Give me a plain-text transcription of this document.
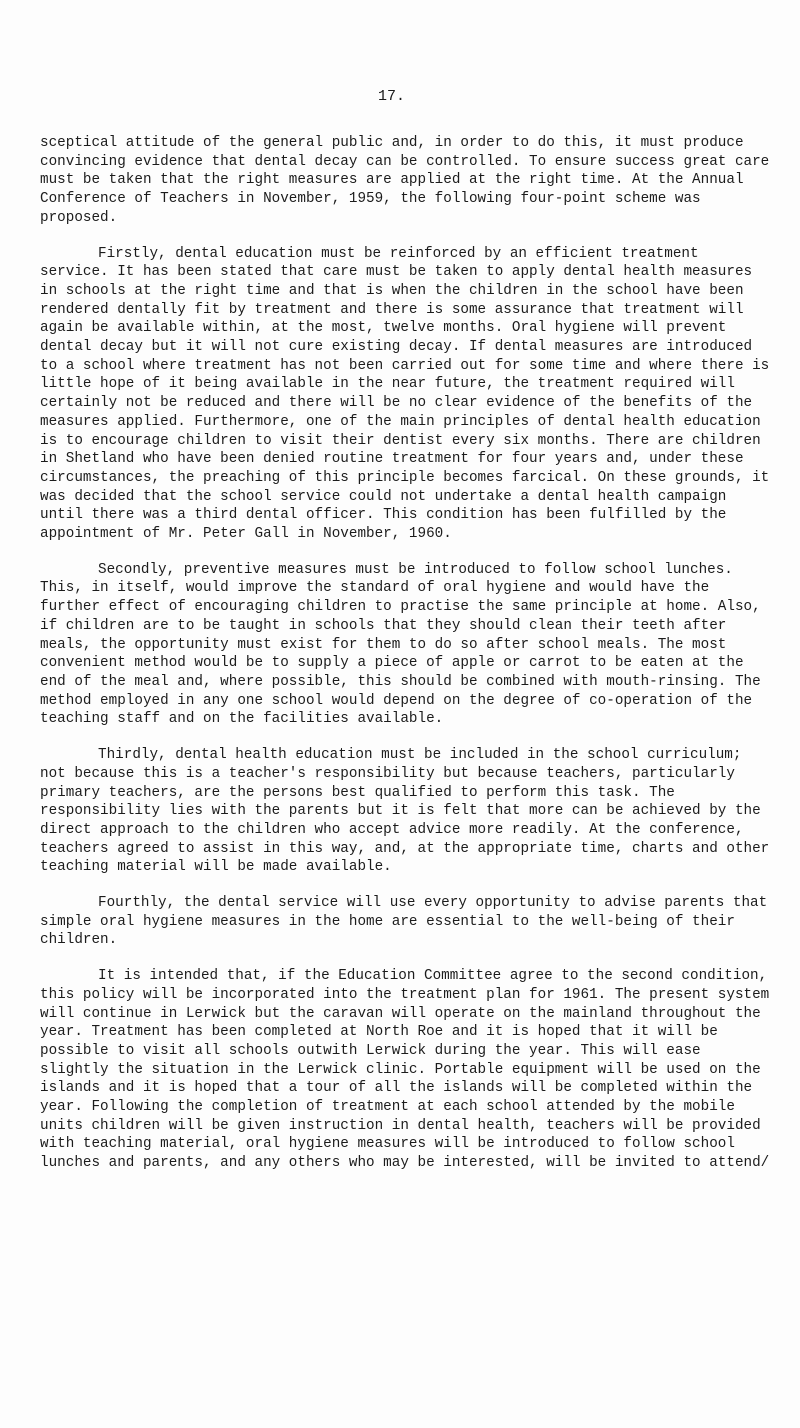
17.

sceptical attitude of the general public and, in order to do this, it must produce convincing evidence that dental decay can be controlled. To ensure success great care must be taken that the right measures are applied at the right time. At the Annual Conference of Teachers in November, 1959, the following four-point scheme was proposed.

Firstly, dental education must be reinforced by an efficient treatment service. It has been stated that care must be taken to apply dental health measures in schools at the right time and that is when the children in the school have been rendered dentally fit by treatment and there is some assurance that treatment will again be available within, at the most, twelve months. Oral hygiene will prevent dental decay but it will not cure existing decay. If dental measures are introduced to a school where treatment has not been carried out for some time and where there is little hope of it being available in the near future, the treatment required will certainly not be reduced and there will be no clear evidence of the benefits of the measures applied. Furthermore, one of the main principles of dental health education is to encourage children to visit their dentist every six months. There are children in Shetland who have been denied routine treatment for four years and, under these circumstances, the preaching of this principle becomes farcical. On these grounds, it was decided that the school service could not undertake a dental health campaign until there was a third dental officer. This condition has been fulfilled by the appointment of Mr. Peter Gall in November, 1960.

Secondly, preventive measures must be introduced to follow school lunches. This, in itself, would improve the standard of oral hygiene and would have the further effect of encouraging children to practise the same principle at home. Also, if children are to be taught in schools that they should clean their teeth after meals, the opportunity must exist for them to do so after school meals. The most convenient method would be to supply a piece of apple or carrot to be eaten at the end of the meal and, where possible, this should be combined with mouth-rinsing. The method employed in any one school would depend on the degree of co-operation of the teaching staff and on the facilities available.

Thirdly, dental health education must be included in the school curriculum; not because this is a teacher's responsibility but because teachers, particularly primary teachers, are the persons best qualified to perform this task. The responsibility lies with the parents but it is felt that more can be achieved by the direct approach to the children who accept advice more readily. At the conference, teachers agreed to assist in this way, and, at the appropriate time, charts and other teaching material will be made available.

Fourthly, the dental service will use every opportunity to advise parents that simple oral hygiene measures in the home are essential to the well-being of their children.

It is intended that, if the Education Committee agree to the second condition, this policy will be incorporated into the treatment plan for 1961. The present system will continue in Lerwick but the caravan will operate on the mainland throughout the year. Treatment has been completed at North Roe and it is hoped that it will be possible to visit all schools outwith Lerwick during the year. This will ease slightly the situation in the Lerwick clinic. Portable equipment will be used on the islands and it is hoped that a tour of all the islands will be completed within the year. Following the completion of treatment at each school attended by the mobile units children will be given instruction in dental health, teachers will be provided with teaching material, oral hygiene measures will be introduced to follow school lunches and parents, and any others who may be interested, will be invited to attend/
